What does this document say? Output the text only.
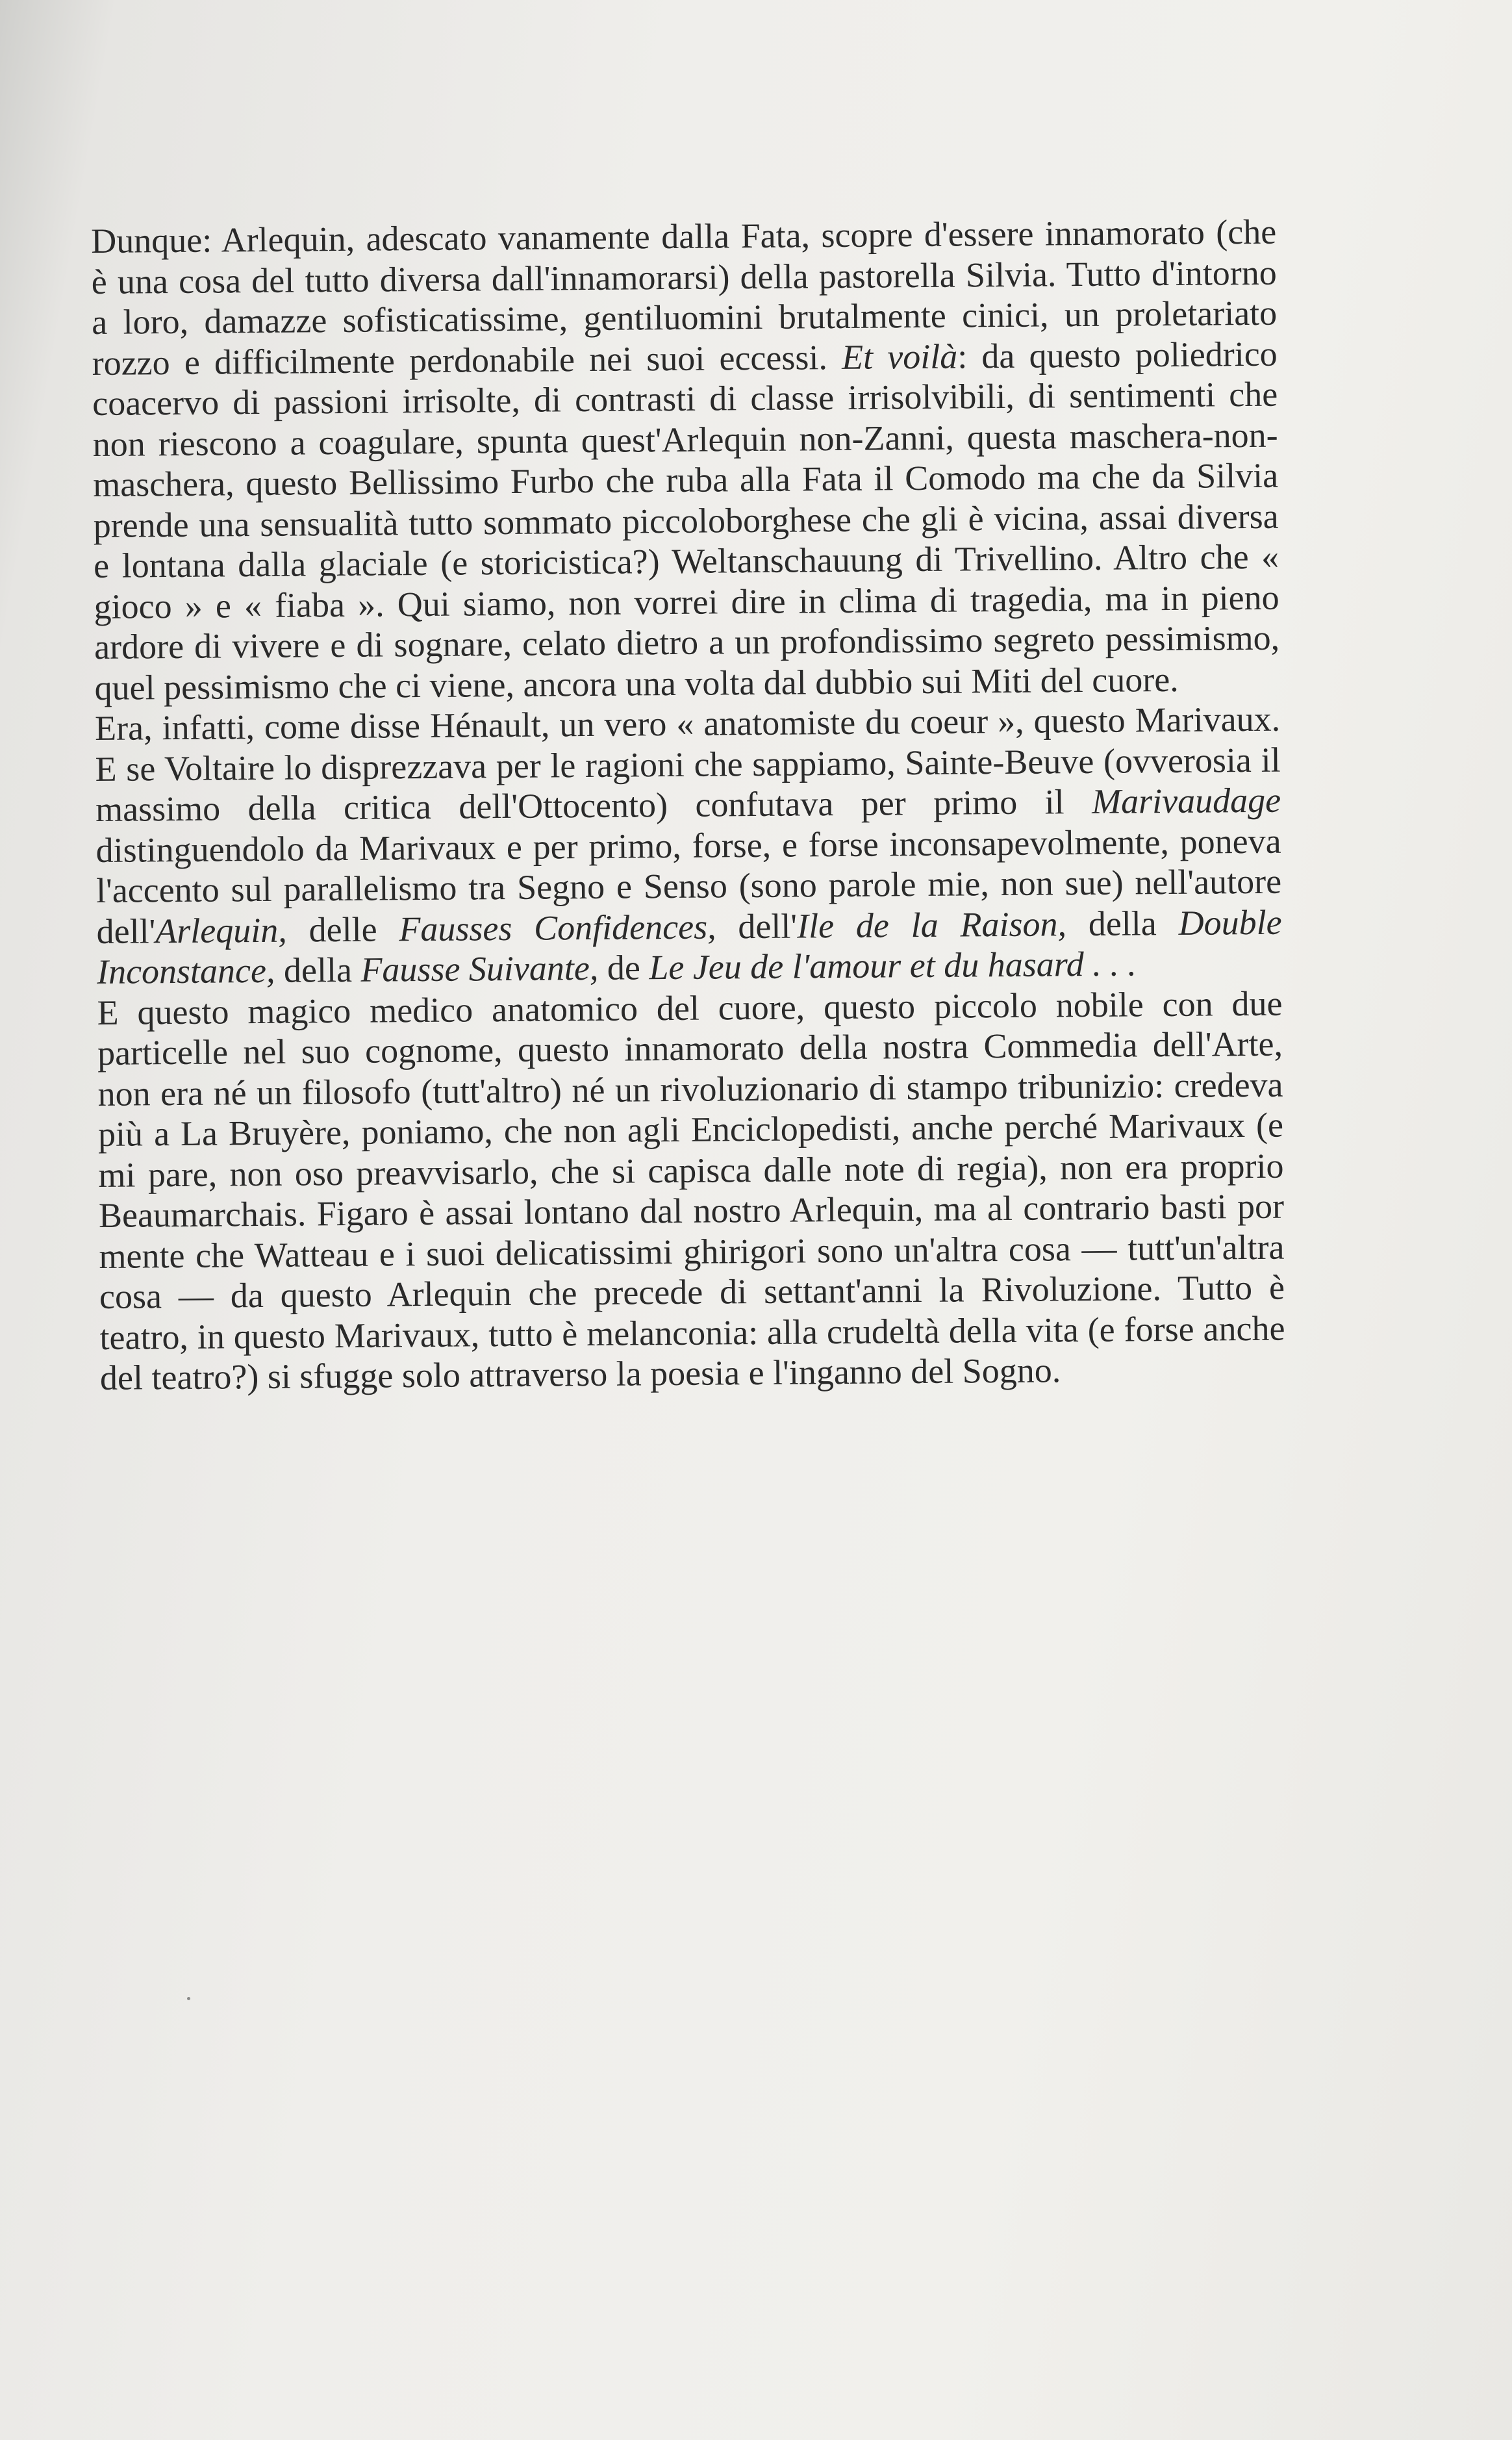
Dunque: Arlequin, adescato vanamente dalla Fata, scopre d'essere innamorato (che è una cosa del tutto diversa dall'innamorarsi) della pastorella Silvia. Tutto d'intorno a loro, damazze sofisticatissime, gentiluomini brutalmente cinici, un proletariato rozzo e difficilmente perdonabile nei suoi eccessi. Et voilà: da questo poliedrico coacervo di passioni irrisolte, di contrasti di classe irrisolvibili, di sentimenti che non riescono a coagulare, spunta quest'Arlequin non-Zanni, questa maschera-non-maschera, questo Bellissimo Furbo che ruba alla Fata il Comodo ma che da Silvia prende una sensualità tutto sommato piccoloborghese che gli è vicina, assai diversa e lontana dalla glaciale (e storicistica?) Weltanschauung di Trivellino. Altro che « gioco » e « fiaba ». Qui siamo, non vorrei dire in clima di tragedia, ma in pieno ardore di vivere e di sognare, celato dietro a un profondissimo segreto pessimismo, quel pessimismo che ci viene, ancora una volta dal dubbio sui Miti del cuore.

Era, infatti, come disse Hénault, un vero « anatomiste du coeur », questo Marivaux. E se Voltaire lo disprezzava per le ragioni che sappiamo, Sainte-Beuve (ovverosia il massimo della critica dell'Ottocento) confutava per primo il Marivaudage distinguendolo da Marivaux e per primo, forse, e forse inconsapevolmente, poneva l'accento sul parallelismo tra Segno e Senso (sono parole mie, non sue) nell'autore dell'Arlequin, delle Fausses Confidences, dell'Ile de la Raison, della Double Inconstance, della Fausse Suivante, de Le Jeu de l'amour et du hasard . . .

E questo magico medico anatomico del cuore, questo piccolo nobile con due particelle nel suo cognome, questo innamorato della nostra Commedia dell'Arte, non era né un filosofo (tutt'altro) né un rivoluzionario di stampo tribunizio: credeva più a La Bruyère, poniamo, che non agli Enciclopedisti, anche perché Marivaux (e mi pare, non oso preavvisarlo, che si capisca dalle note di regia), non era proprio Beaumarchais. Figaro è assai lontano dal nostro Arlequin, ma al contrario basti por mente che Watteau e i suoi delicatissimi ghirigori sono un'altra cosa — tutt'un'altra cosa — da questo Arlequin che precede di settant'anni la Rivoluzione. Tutto è teatro, in questo Marivaux, tutto è melanconia: alla crudeltà della vita (e forse anche del teatro?) si sfugge solo attraverso la poesia e l'inganno del Sogno.
